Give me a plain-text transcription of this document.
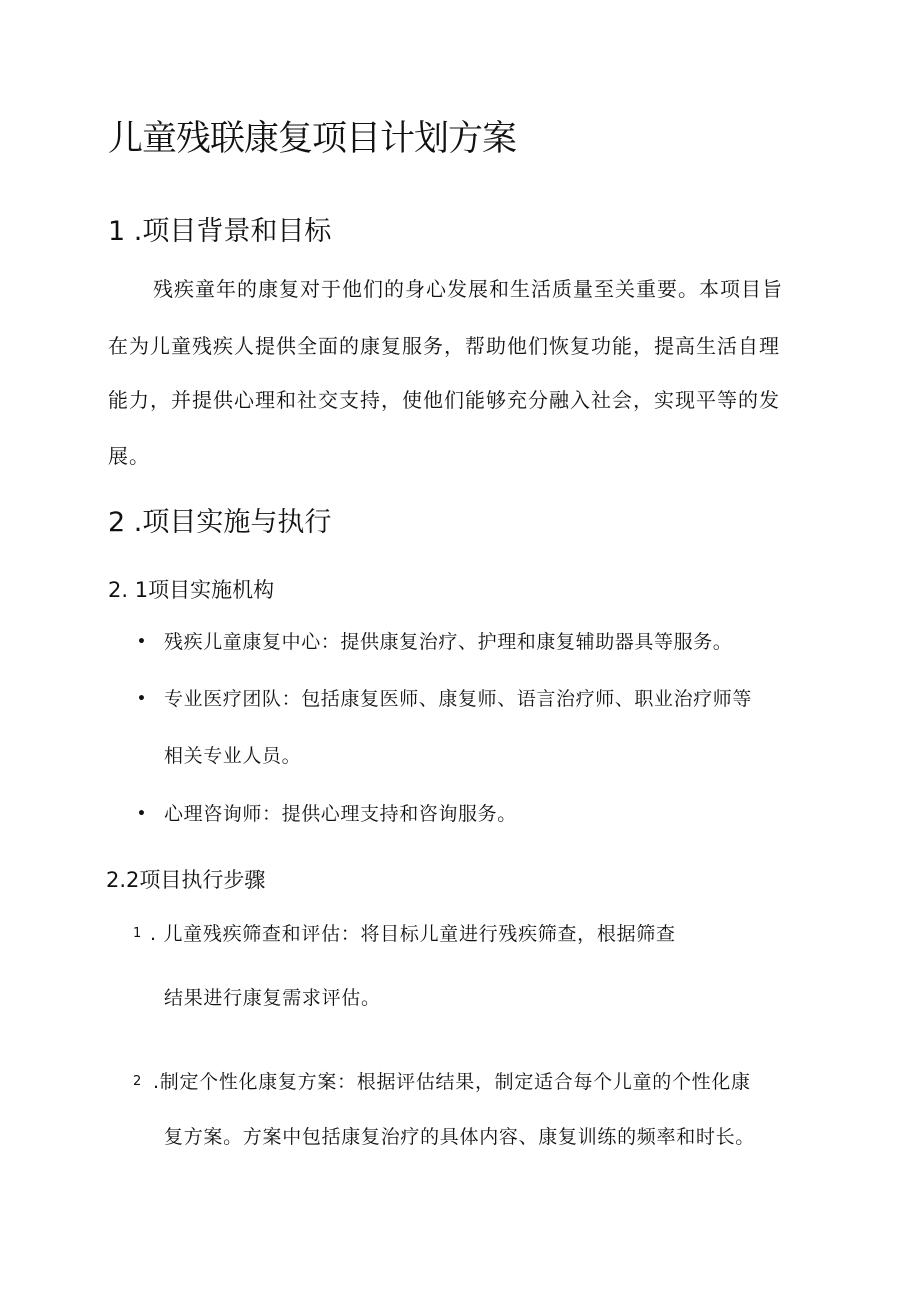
儿童残联康复项目计划方案
1 .项目背景和目标
残疾童年的康复对于他们的身心发展和生活质量至关重要。本项目旨
在为儿童残疾人提供全面的康复服务，帮助他们恢复功能，提高生活自理
能力，并提供心理和社交支持，使他们能够充分融入社会，实现平等的发
展。
2 .项目实施与执行
2. 1项目实施机构
• 残疾儿童康复中心：提供康复治疗、护理和康复辅助器具等服务。
• 专业医疗团队：包括康复医师、康复师、语言治疗师、职业治疗师等
相关专业人员。
• 心理咨询师：提供心理支持和咨询服务。
2.2项目执行步骤
1 . 儿童残疾筛查和评估：将目标儿童进行残疾筛查，根据筛查
结果进行康复需求评估。
2 .制定个性化康复方案：根据评估结果，制定适合每个儿童的个性化康
复方案。方案中包括康复治疗的具体内容、康复训练的频率和时长。
